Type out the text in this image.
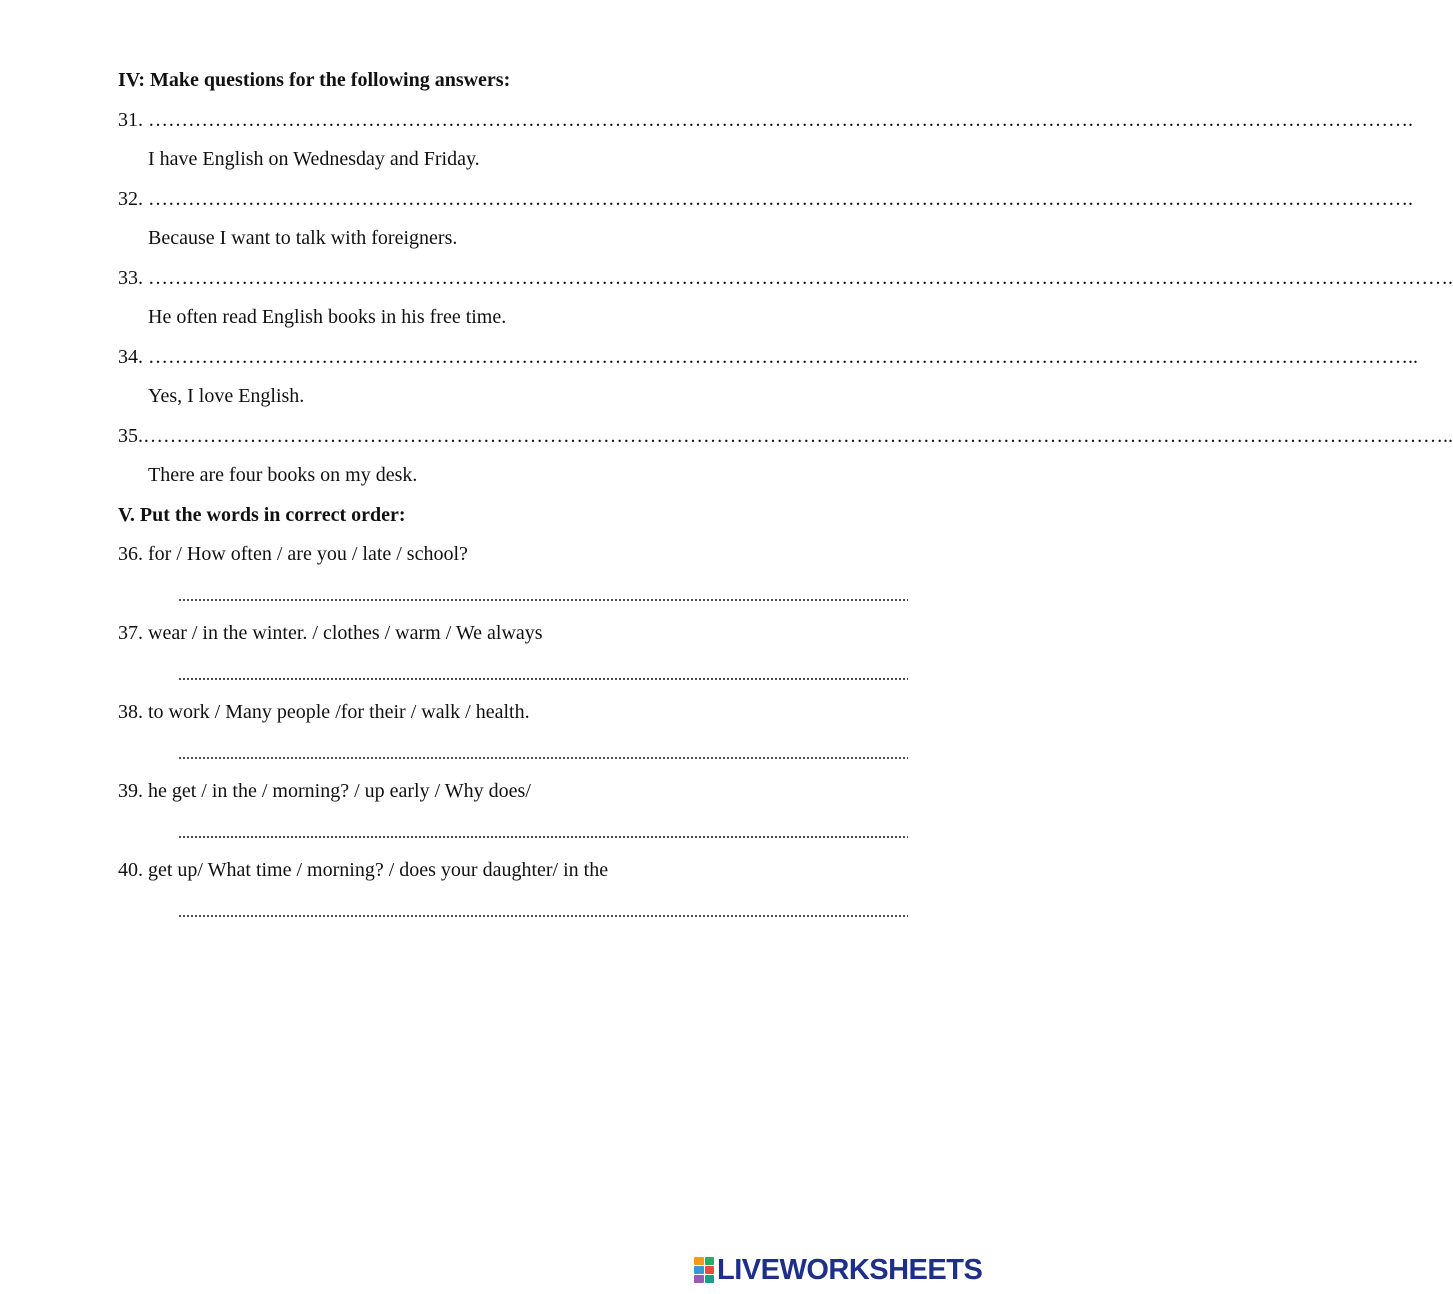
IV: Make questions for the following answers:
31. ……………………………………………………………………………………………………………………………………………………………………….
I have English on Wednesday and Friday.
32. ……………………………………………………………………………………………………………………………………………………………………….
Because I want to talk with foreigners.
33. …………………………………………………………………………………………………………………………………………………………………………….
He often read English books in his free time.
34. ………………………………………………………………………………………………………………………………………………………………………..
Yes, I love English.
35.……………………………………………………………………………………………………………………………………………………………………………..
There are four books on my desk.
V. Put the words in correct order:
36. for / How often / are you / late / school?
37. wear / in the winter. / clothes / warm / We always
38. to work / Many people /for their / walk / health.
39. he get / in the / morning? / up early / Why does/
40. get up/ What time / morning? / does your daughter/ in the
LIVEWORKSHEETS
